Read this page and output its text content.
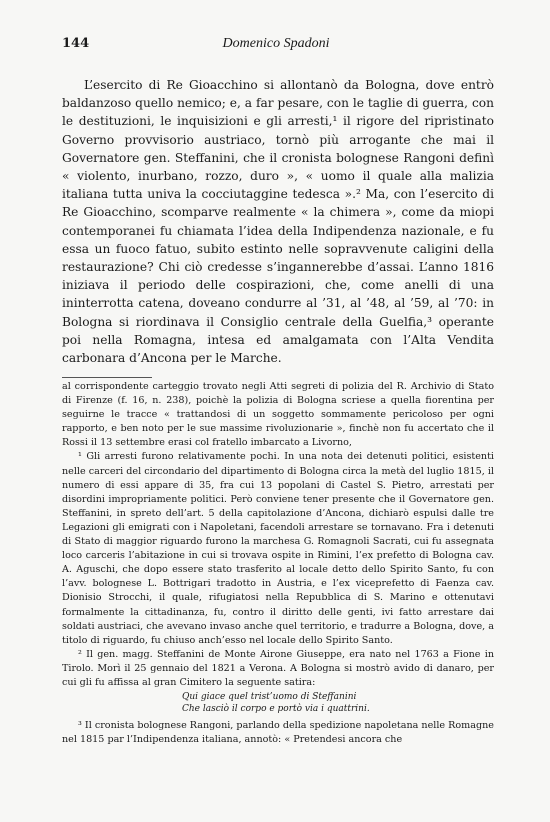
144	Domenico Spadoni

L’esercito di Re Gioacchino si allontanò da Bologna, dove entrò baldanzoso quello nemico; e, a far pesare, con le taglie di guerra, con le destituzioni, le inquisizioni e gli arresti,¹ il rigore del ripristinato Governo provvisorio austriaco, tornò più arrogante che mai il Governatore gen. Steffanini, che il cronista bolognese Rangoni definì « violento, inurbano, rozzo, duro », « uomo il quale alla malizia italiana tutta univa la cocciutaggine tedesca ».² Ma, con l’esercito di Re Gioacchino, scomparve realmente « la chimera », come da miopi contemporanei fu chiamata l’idea della Indipendenza nazionale, e fu essa un fuoco fatuo, subito estinto nelle sopravvenute caligini della restaurazione? Chi ciò credesse s’ingannerebbe d’assai. L’anno 1816 iniziava il periodo delle cospirazioni, che, come anelli di una ininterrotta catena, doveano condurre al ’31, al ’48, al ’59, al ’70: in Bologna si riordinava il Consiglio centrale della Guelfia,³ operante poi nella Romagna, intesa ed amalgamata con l’Alta Vendita carbonara d’Ancona per le Marche.

al corrispondente carteggio trovato negli Atti segreti di polizia del R. Archivio di Stato di Firenze (f. 16, n. 238), poichè la polizia di Bologna scriese a quella fiorentina per seguirne le tracce « trattandosi di un soggetto sommamente pericoloso per ogni rapporto, e ben noto per le sue massime rivoluzionarie », finchè non fu accertato che il Rossi il 13 settembre erasi col fratello imbarcato a Livorno,

¹ Gli arresti furono relativamente pochi. In una nota dei detenuti politici, esistenti nelle carceri del circondario del dipartimento di Bologna circa la metà del luglio 1815, il numero di essi appare di 35, fra cui 13 popolani di Castel S. Pietro, arrestati per disordini impropriamente politici. Però conviene tener presente che il Governatore gen. Steffanini, in spreto dell’art. 5 della capitolazione d’Ancona, dichiarò espulsi dalle tre Legazioni gli emigrati con i Napoletani, facendoli arrestare se tornavano. Fra i detenuti di Stato di maggior riguardo furono la marchesa G. Romagnoli Sacrati, cui fu assegnata loco carceris l’abitazione in cui si trovava ospite in Rimini, l’ex prefetto di Bologna cav. A. Aguschi, che dopo essere stato trasferito al locale detto dello Spirito Santo, fu con l’avv. bolognese L. Bottrigari tradotto in Austria, e l’ex viceprefetto di Faenza cav. Dionisio Strocchi, il quale, rifugiatosi nella Repubblica di S. Marino e ottenutavi formalmente la cittadinanza, fu, contro il diritto delle genti, ivi fatto arrestare dai soldati austriaci, che avevano invaso anche quel territorio, e tradurre a Bologna, dove, a titolo di riguardo, fu chiuso anch’esso nel locale dello Spirito Santo.

² Il gen. magg. Steffanini de Monte Airone Giuseppe, era nato nel 1763 a Fione in Tirolo. Morì il 25 gennaio del 1821 a Verona. A Bologna si mostrò avido di danaro, per cui gli fu affissa al gran Cimitero la seguente satira:

Qui giace quel trist’uomo di Steffanini
Che lasciò il corpo e portò via i quattrini.

³ Il cronista bolognese Rangoni, parlando della spedizione napoletana nelle Romagne nel 1815 par l’Indipendenza italiana, annotò: « Pretendesi ancora che
